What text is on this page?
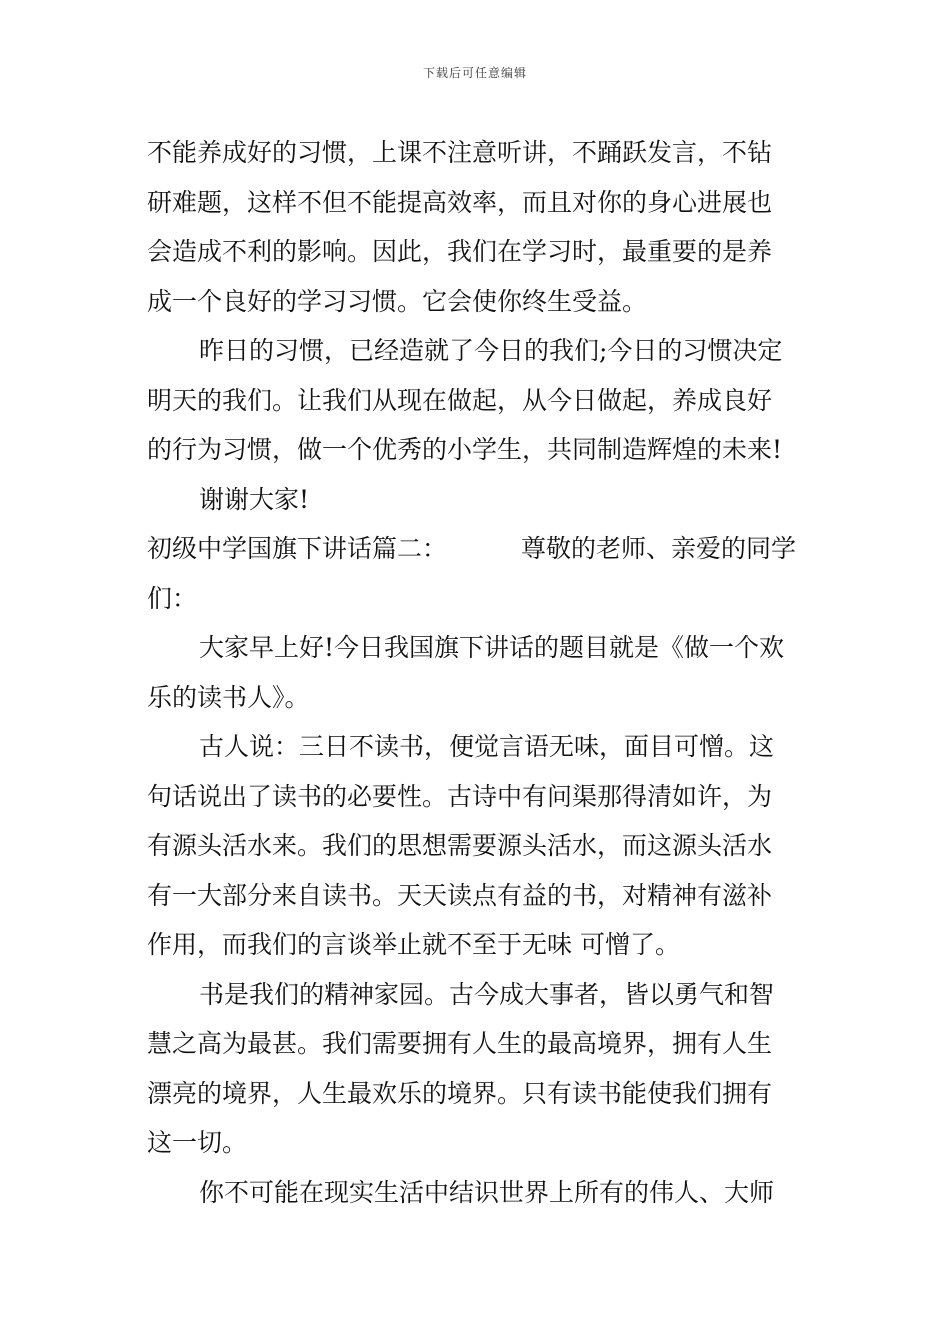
下载后可任意编辑
不能养成好的习惯，上课不注意听讲，不踊跃发言，不钻
研难题，这样不但不能提高效率，而且对你的身心进展也
会造成不利的影响。因此，我们在学习时，最重要的是养
成一个良好的学习习惯。它会使你终生受益。
昨日的习惯，已经造就了今日的我们;今日的习惯决定
明天的我们。让我们从现在做起，从今日做起，养成良好
的行为习惯，做一个优秀的小学生，共同制造辉煌的未来!
谢谢大家!
初级中学国旗下讲话篇二：	尊敬的老师、亲爱的同学
们：
大家早上好!今日我国旗下讲话的题目就是《做一个欢
乐的读书人》。
古人说：三日不读书，便觉言语无味，面目可憎。这
句话说出了读书的必要性。古诗中有问渠那得清如许，为
有源头活水来。我们的思想需要源头活水，而这源头活水
有一大部分来自读书。天天读点有益的书，对精神有滋补
作用，而我们的言谈举止就不至于无味 可憎了。
书是我们的精神家园。古今成大事者，皆以勇气和智
慧之高为最甚。我们需要拥有人生的最高境界，拥有人生
漂亮的境界，人生最欢乐的境界。只有读书能使我们拥有
这一切。
你不可能在现实生活中结识世界上所有的伟人、大师
